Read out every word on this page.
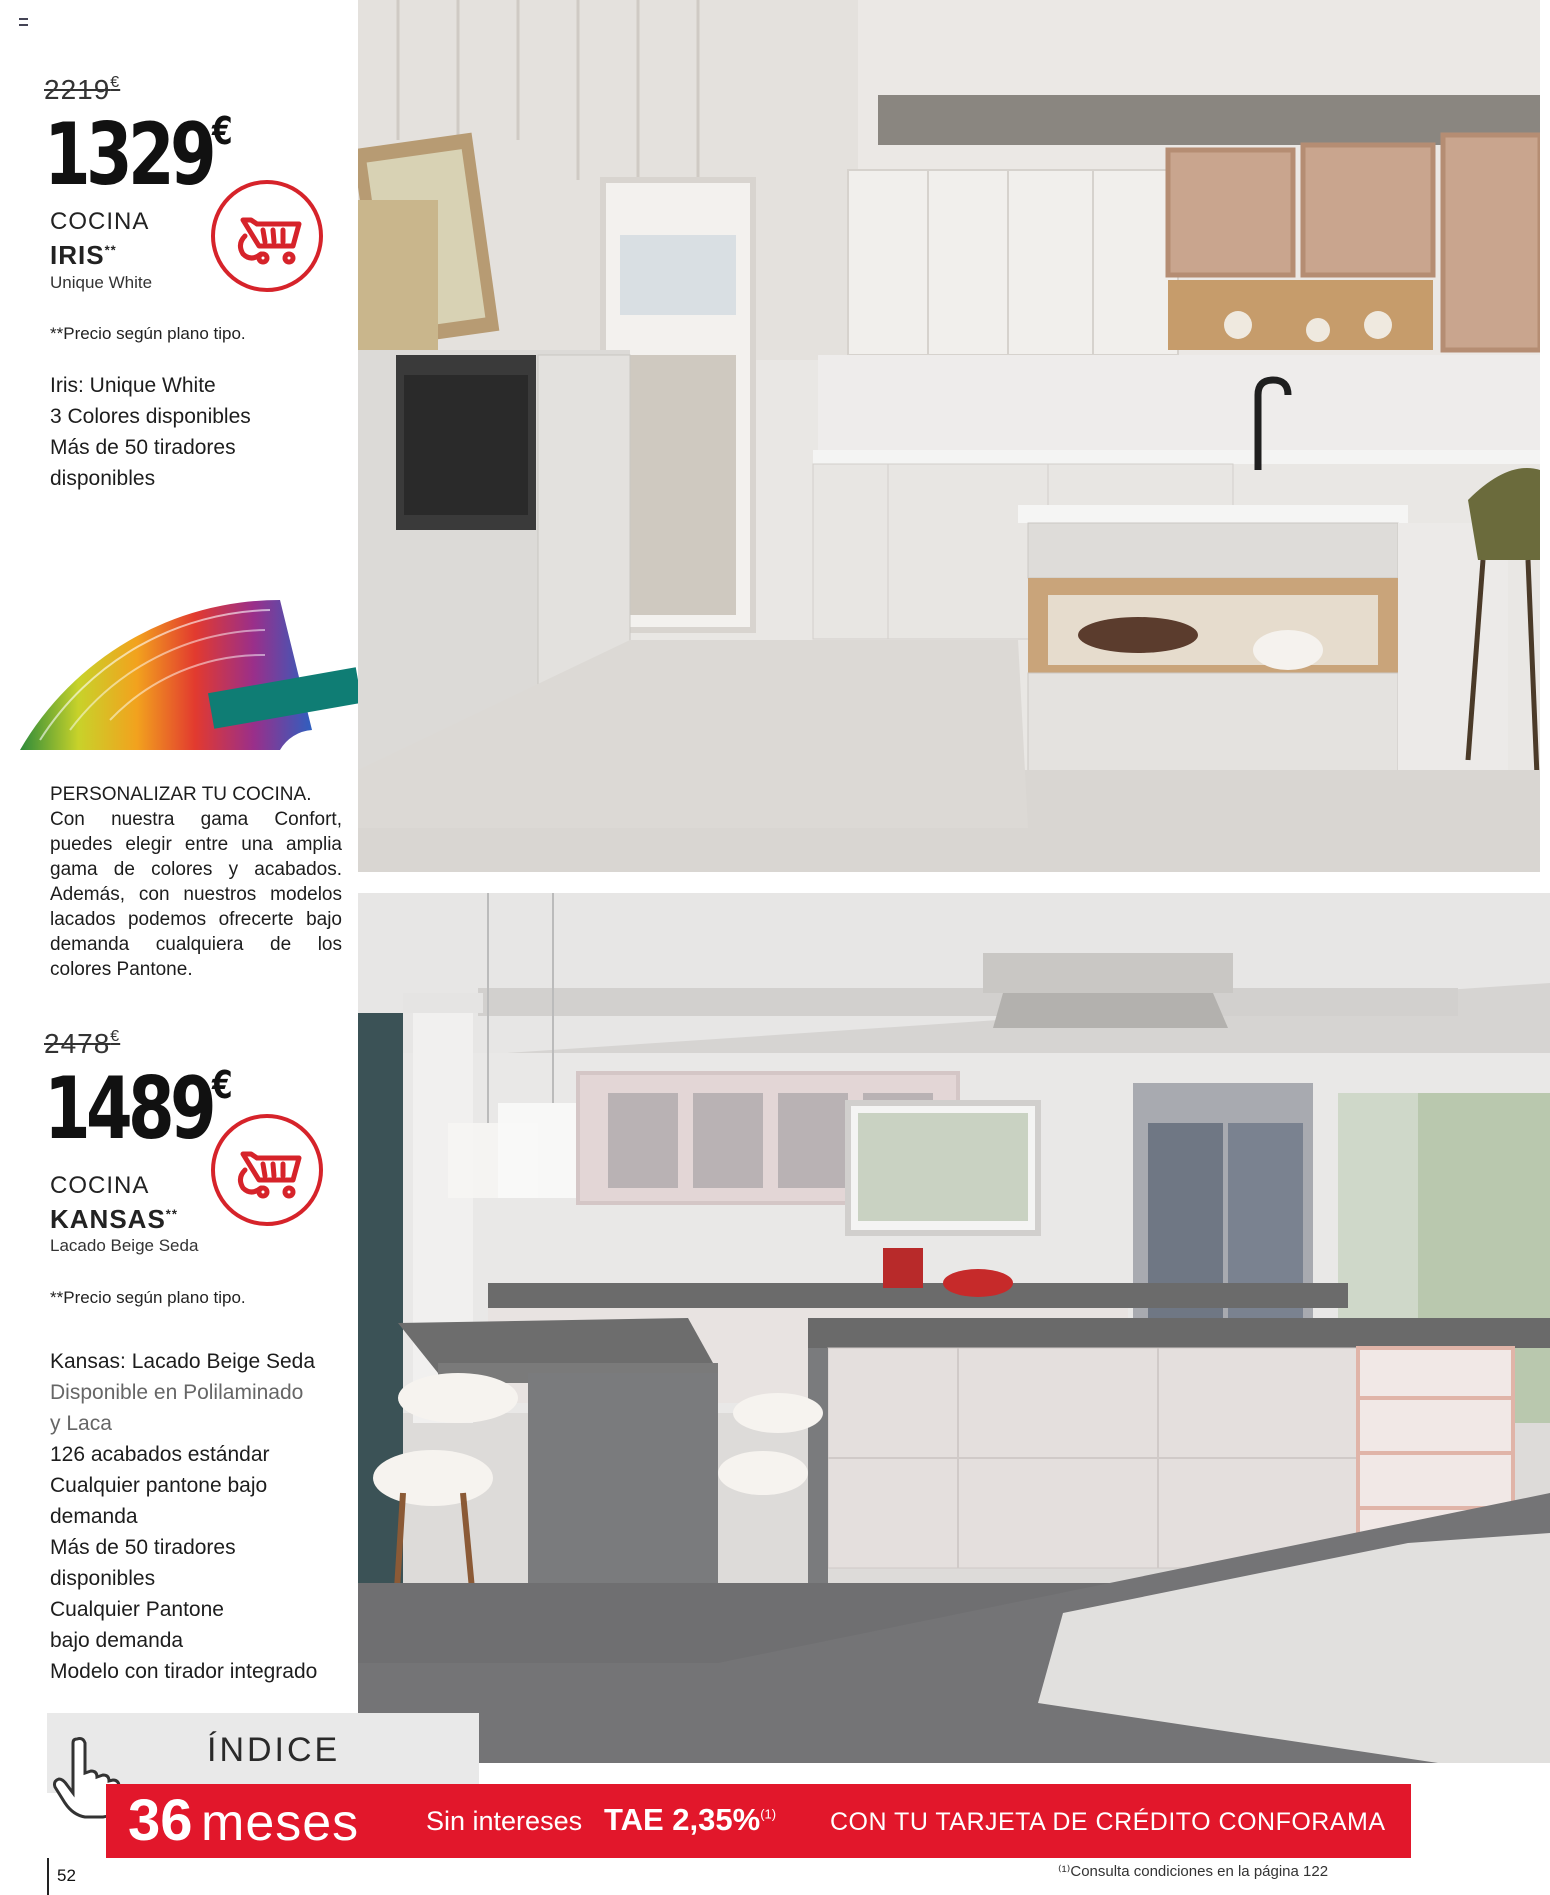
2219€
1329€
COCINA
IRIS**
Unique White
**Precio según plano tipo.
Iris: Unique White
3 Colores disponibles
Más de 50 tiradores
disponibles
PERSONALIZAR TU COCINA.
Con nuestra gama Confort, puedes elegir entre una amplia gama de colores y acabados. Además, con nuestros modelos lacados podemos ofrecerte bajo demanda cualquiera de los colores Pantone.
2478€
1489€
COCINA
KANSAS**
Lacado Beige Seda
**Precio según plano tipo.
Kansas: Lacado Beige Seda
Disponible en Polilaminado
y Laca
126 acabados estándar
Cualquier pantone bajo
demanda
Más de 50 tiradores
disponibles
Cualquier Pantone
bajo demanda
Modelo con tirador integrado
ÍNDICE
36 meses Sin intereses TAE 2,35%$^{(1)}$ CON TU TARJETA DE CRÉDITO CONFORAMA
⁽¹⁾Consulta condiciones en la página 122
52
